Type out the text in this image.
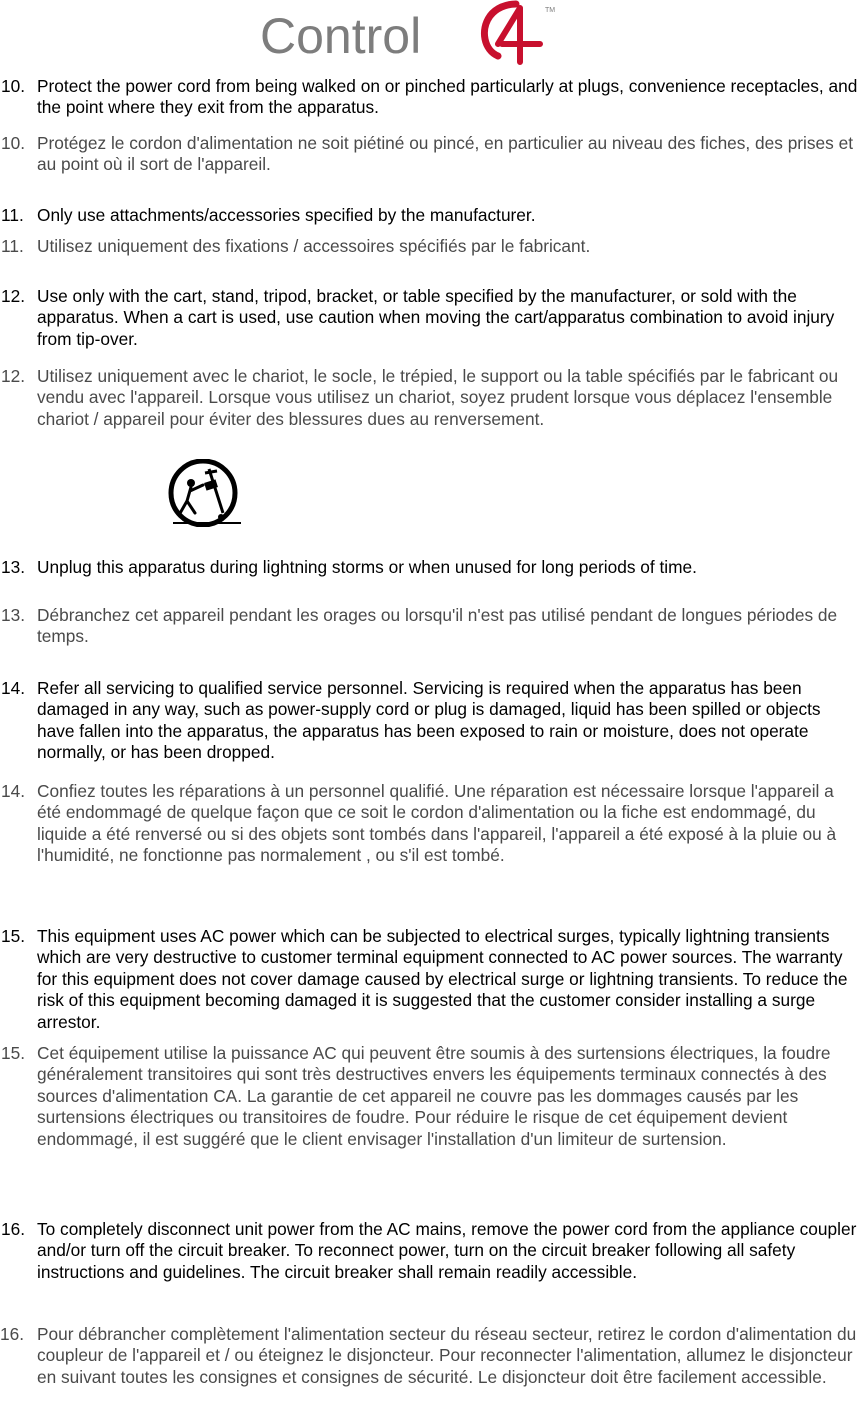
Control	TM
10. Protect the power cord from being walked on or pinched particularly at plugs, convenience receptacles, and the point where they exit from the apparatus.
10. Protégez le cordon d'alimentation ne soit piétiné ou pincé, en particulier au niveau des fiches, des prises et au point où il sort de l'appareil.
11. Only use attachments/accessories specified by the manufacturer.
11. Utilisez uniquement des fixations / accessoires spécifiés par le fabricant.
12. Use only with the cart, stand, tripod, bracket, or table specified by the manufacturer, or sold with the apparatus. When a cart is used, use caution when moving the cart/apparatus combination to avoid injury from tip-over.
12. Utilisez uniquement avec le chariot, le socle, le trépied, le support ou la table spécifiés par le fabricant ou vendu avec l'appareil. Lorsque vous utilisez un chariot, soyez prudent lorsque vous déplacez l'ensemble chariot / appareil pour éviter des blessures dues au renversement.
13. Unplug this apparatus during lightning storms or when unused for long periods of time.
13. Débranchez cet appareil pendant les orages ou lorsqu'il n'est pas utilisé pendant de longues périodes de temps.
14. Refer all servicing to qualified service personnel. Servicing is required when the apparatus has been damaged in any way, such as power-supply cord or plug is damaged, liquid has been spilled or objects have fallen into the apparatus, the apparatus has been exposed to rain or moisture, does not operate normally, or has been dropped.
14. Confiez toutes les réparations à un personnel qualifié. Une réparation est nécessaire lorsque l'appareil a été endommagé de quelque façon que ce soit le cordon d'alimentation ou la fiche est endommagé, du liquide a été renversé ou si des objets sont tombés dans l'appareil, l'appareil a été exposé à la pluie ou à l'humidité, ne fonctionne pas normalement , ou s'il est tombé.
15. This equipment uses AC power which can be subjected to electrical surges, typically lightning transients which are very destructive to customer terminal equipment connected to AC power sources. The warranty for this equipment does not cover damage caused by electrical surge or lightning transients. To reduce the risk of this equipment becoming damaged it is suggested that the customer consider installing a surge arrestor.
15. Cet équipement utilise la puissance AC qui peuvent être soumis à des surtensions électriques, la foudre généralement transitoires qui sont très destructives envers les équipements terminaux connectés à des sources d'alimentation CA. La garantie de cet appareil ne couvre pas les dommages causés par les surtensions électriques ou transitoires de foudre. Pour réduire le risque de cet équipement devient endommagé, il est suggéré que le client envisager l'installation d'un limiteur de surtension.
16. To completely disconnect unit power from the AC mains, remove the power cord from the appliance coupler and/or turn off the circuit breaker. To reconnect power, turn on the circuit breaker following all safety instructions and guidelines. The circuit breaker shall remain readily accessible.
16. Pour débrancher complètement l'alimentation secteur du réseau secteur, retirez le cordon d'alimentation du coupleur de l'appareil et / ou éteignez le disjoncteur. Pour reconnecter l'alimentation, allumez le disjoncteur en suivant toutes les consignes et consignes de sécurité. Le disjoncteur doit être facilement accessible.
